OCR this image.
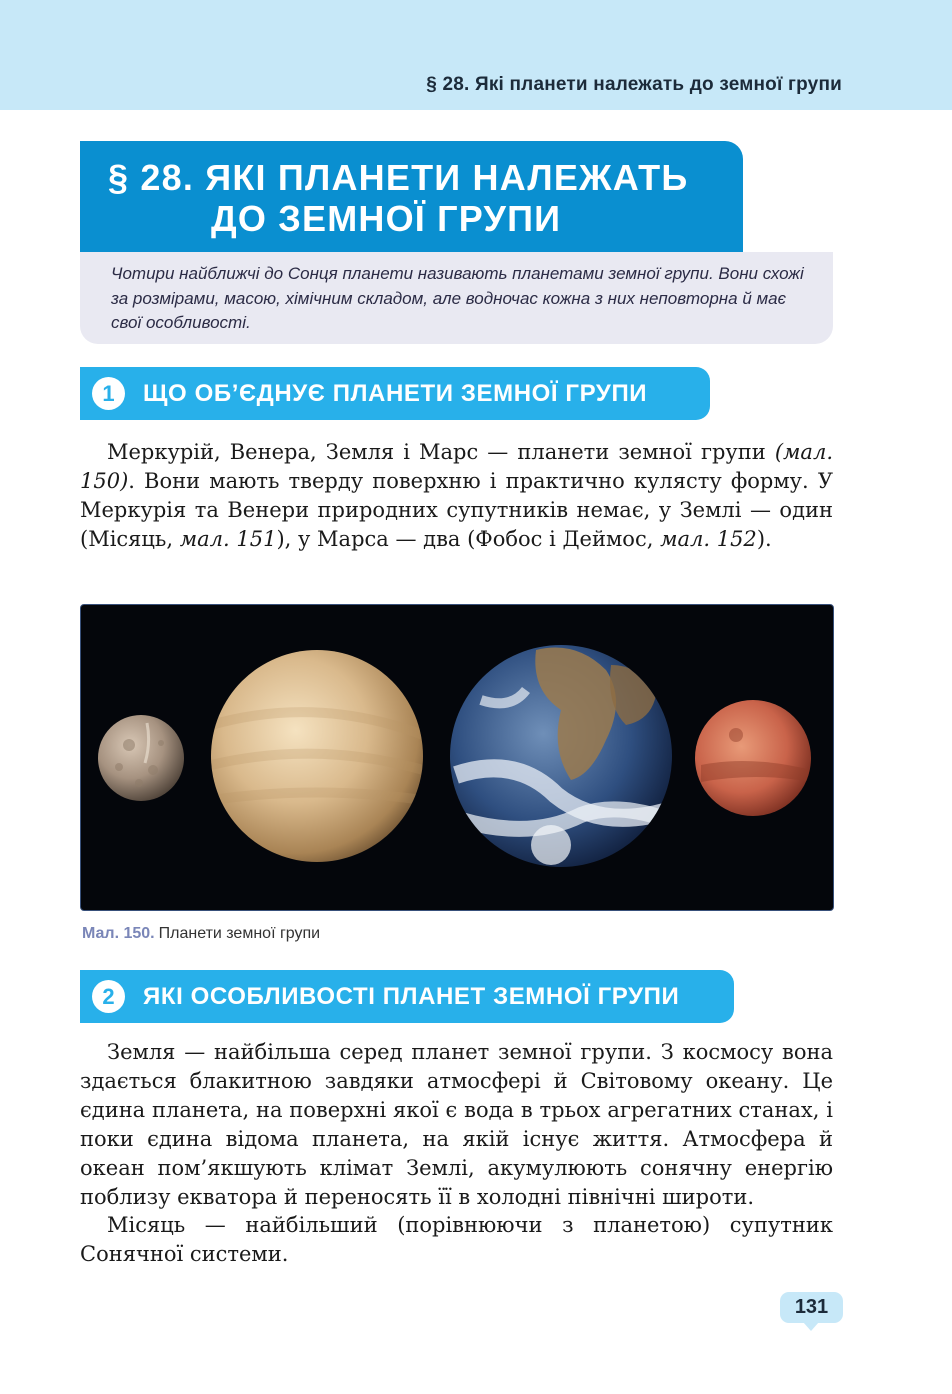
§ 28. Які планети належать до земної групи
§ 28. ЯКІ ПЛАНЕТИ НАЛЕЖАТЬ
ДО ЗЕМНОЇ ГРУПИ

Чотири найближчі до Сонця планети називають планетами земної групи. Вони схожі за розмірами, масою, хімічним складом, але водночас кожна з них неповторна й має свої особливості.

1	ЩО ОБ’ЄДНУЄ ПЛАНЕТИ ЗЕМНОЇ ГРУПИ

Меркурій, Венера, Земля і Марс — планети земної групи (мал. 150). Вони мають тверду поверхню і практично кулясту форму. У Меркурія та Венери природних супутників немає, у Землі — один (Місяць, мал. 151), у Марса — два (Фобос і Деймос, мал. 152).

Мал. 150. Планети земної групи
2	ЯКІ ОСОБЛИВОСТІ ПЛАНЕТ ЗЕМНОЇ ГРУПИ

Земля — найбільша серед планет земної групи. З космосу вона здається блакитною завдяки атмосфері й Світовому океану. Це єдина планета, на поверхні якої є вода в трьох агрегатних станах, і поки єдина відома планета, на якій існує життя. Атмосфера й океан пом’якшують клімат Землі, акумулюють сонячну енергію поблизу екватора й переносять її в холодні північні широти.

Місяць — найбільший (порівнюючи з планетою) супутник Сонячної системи.

131
